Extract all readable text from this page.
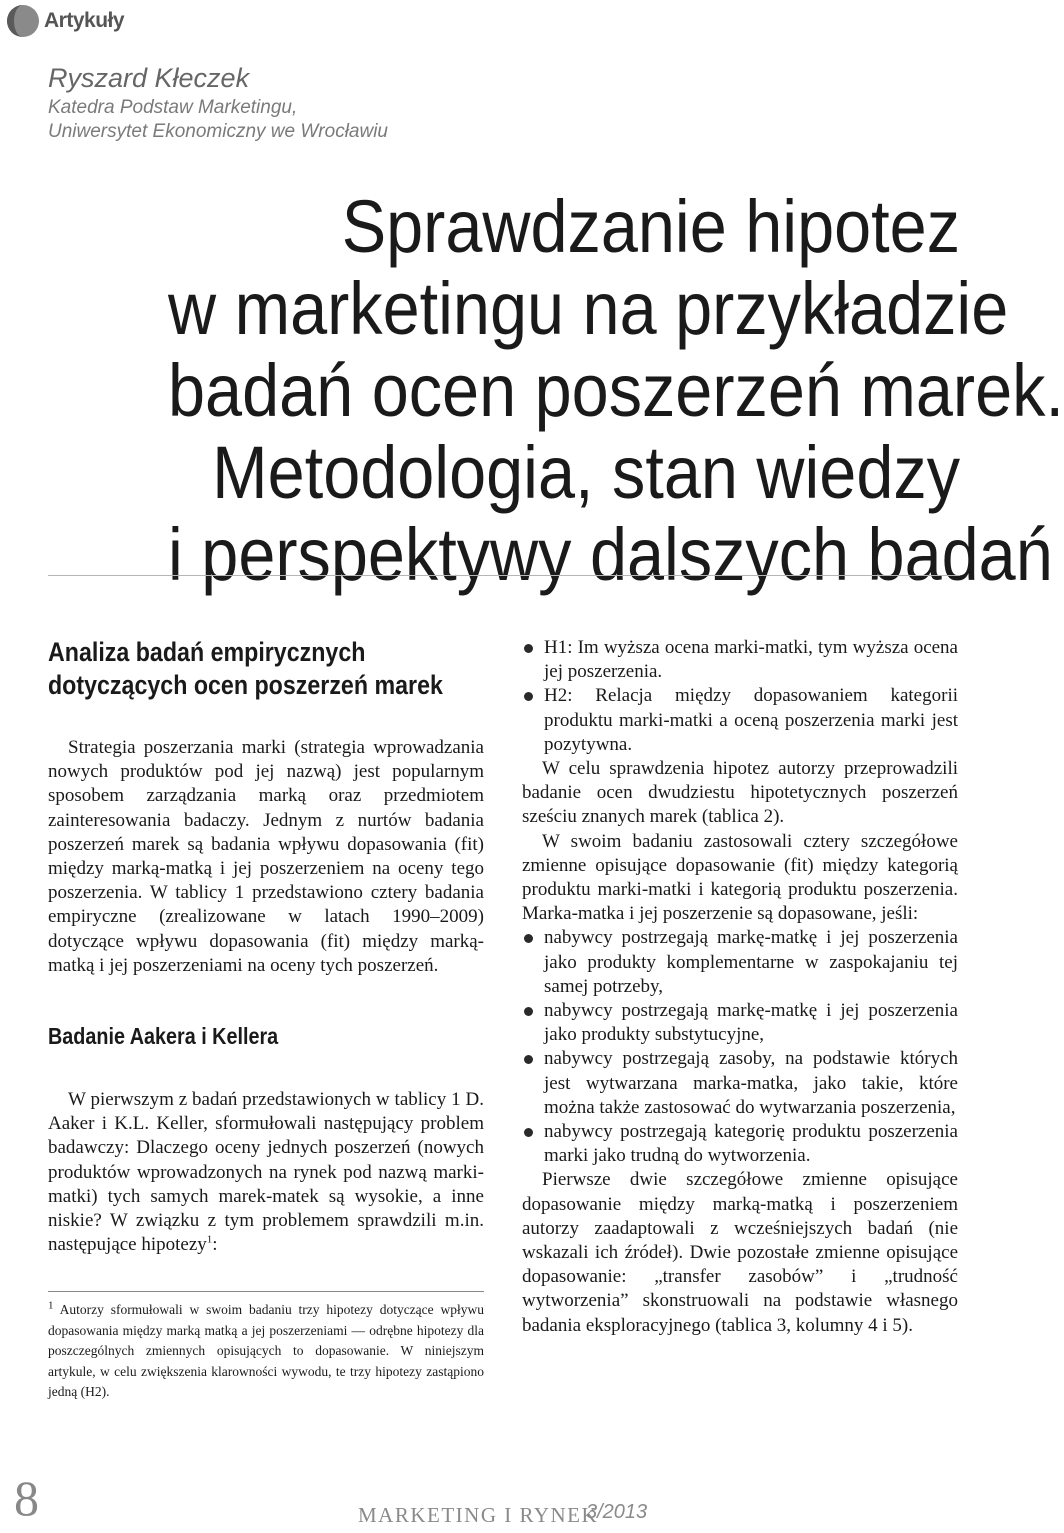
Artykuły
Ryszard Kłeczek
Katedra Podstaw Marketingu,
Uniwersytet Ekonomiczny we Wrocławiu
Sprawdzanie hipotez
w marketingu na przykładzie
badań ocen poszerzeń marek.
Metodologia, stan wiedzy
i perspektywy dalszych badań
Analiza badań empirycznych
dotyczących ocen poszerzeń marek

Strategia poszerzania marki (strategia wprowadzania nowych produktów pod jej nazwą) jest popularnym sposobem zarządzania marką oraz przedmiotem zainteresowania badaczy. Jednym z nurtów badania poszerzeń marek są badania wpływu dopasowania (fit) między marką-matką i jej poszerzeniem na oceny tego poszerzenia. W tablicy 1 przedstawiono cztery badania empiryczne (zrealizowane w latach 1990–2009) dotyczące wpływu dopasowania (fit) między marką-matką i jej poszerzeniami na oceny tych poszerzeń.

Badanie Aakera i Kellera

W pierwszym z badań przedstawionych w tablicy 1 D. Aaker i K.L. Keller, sformułowali następujący problem badawczy: Dlaczego oceny jednych poszerzeń (nowych produktów wprowadzonych na rynek pod nazwą marki-matki) tych samych marek-matek są wysokie, a inne niskie? W związku z tym problemem sprawdzili m.in. następujące hipotezy$^1$:

$^1$ Autorzy sformułowali w swoim badaniu trzy hipotezy dotyczące wpływu dopasowania między marką matką a jej poszerzeniami — odrębne hipotezy dla poszczególnych zmiennych opisujących to dopasowanie. W niniejszym artykule, w celu zwiększenia klarowności wywodu, te trzy hipotezy zastąpiono jedną (H2).

H1: Im wyższa ocena marki-matki, tym wyższa ocena jej poszerzenia.
H2: Relacja między dopasowaniem kategorii produktu marki-matki a oceną poszerzenia marki jest pozytywna.

W celu sprawdzenia hipotez autorzy przeprowadzili badanie ocen dwudziestu hipotetycznych poszerzeń sześciu znanych marek (tablica 2).

W swoim badaniu zastosowali cztery szczegółowe zmienne opisujące dopasowanie (fit) między kategorią produktu marki-matki i kategorią produktu poszerzenia. Marka-matka i jej poszerzenie są dopasowane, jeśli:

nabywcy postrzegają markę-matkę i jej poszerzenia jako produkty komplementarne w zaspokajaniu tej samej potrzeby,
nabywcy postrzegają markę-matkę i jej poszerzenia jako produkty substytucyjne,
nabywcy postrzegają zasoby, na podstawie których jest wytwarzana marka-matka, jako takie, które można także zastosować do wytwarzania poszerzenia,
nabywcy postrzegają kategorię produktu poszerzenia marki jako trudną do wytworzenia.

Pierwsze dwie szczegółowe zmienne opisujące dopasowanie między marką-matką i poszerzeniem autorzy zaadaptowali z wcześniejszych badań (nie wskazali ich źródeł). Dwie pozostałe zmienne opisujące dopasowanie: „transfer zasobów” i „trudność wytworzenia” skonstruowali na podstawie własnego badania eksploracyjnego (tablica 3, kolumny 4 i 5).

8	MARKETING I RYNEK
3/2013
